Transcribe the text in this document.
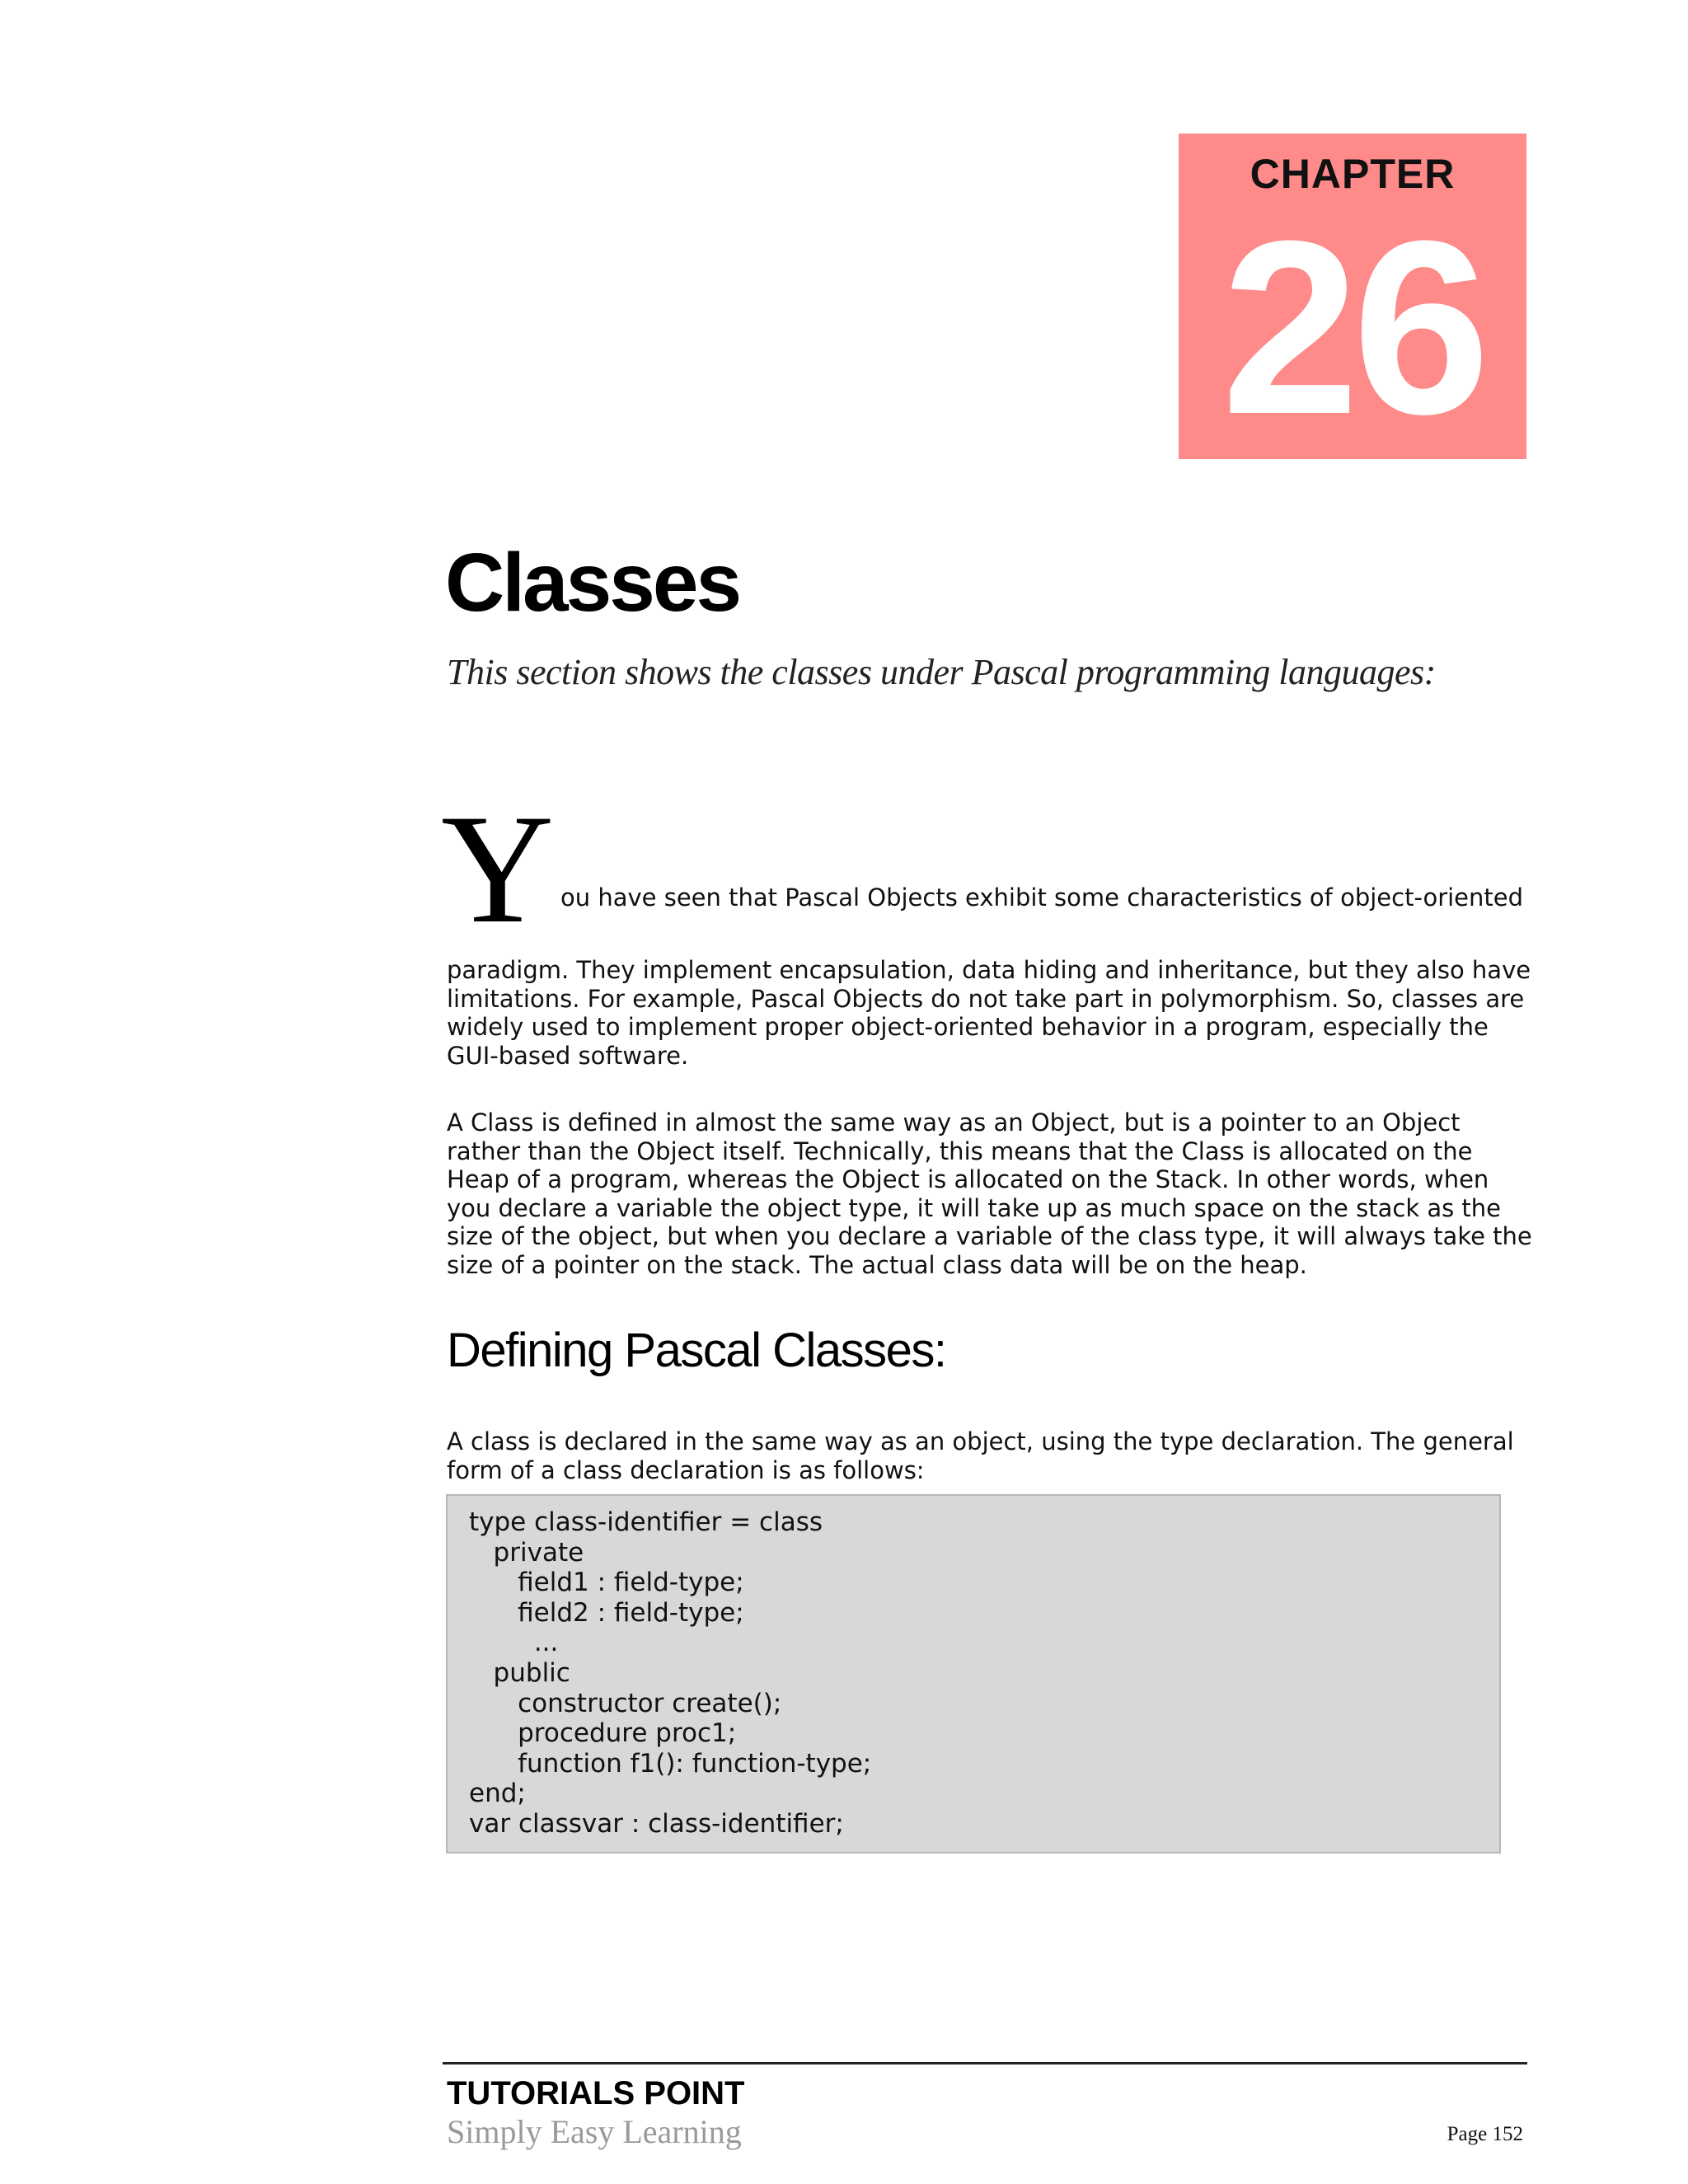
CHAPTER
26
Classes
This section shows the classes under Pascal programming languages:
Y ou have seen that Pascal Objects exhibit some characteristics of object-oriented

paradigm. They implement encapsulation, data hiding and inheritance, but they also have limitations. For example, Pascal Objects do not take part in polymorphism. So, classes are widely used to implement proper object-oriented behavior in a program, especially the GUI-based software.

A Class is defined in almost the same way as an Object, but is a pointer to an Object rather than the Object itself. Technically, this means that the Class is allocated on the Heap of a program, whereas the Object is allocated on the Stack. In other words, when you declare a variable the object type, it will take up as much space on the stack as the size of the object, but when you declare a variable of the class type, it will always take the size of a pointer on the stack. The actual class data will be on the heap.

Defining Pascal Classes:

A class is declared in the same way as an object, using the type declaration. The general form of a class declaration is as follows:

type class-identifier = class
private
field1 : field-type;
field2 : field-type;
...
public
constructor create();
procedure proc1;
function f1(): function-type;
end;
var classvar : class-identifier;
TUTORIALS POINT
Simply Easy Learning	Page 152
